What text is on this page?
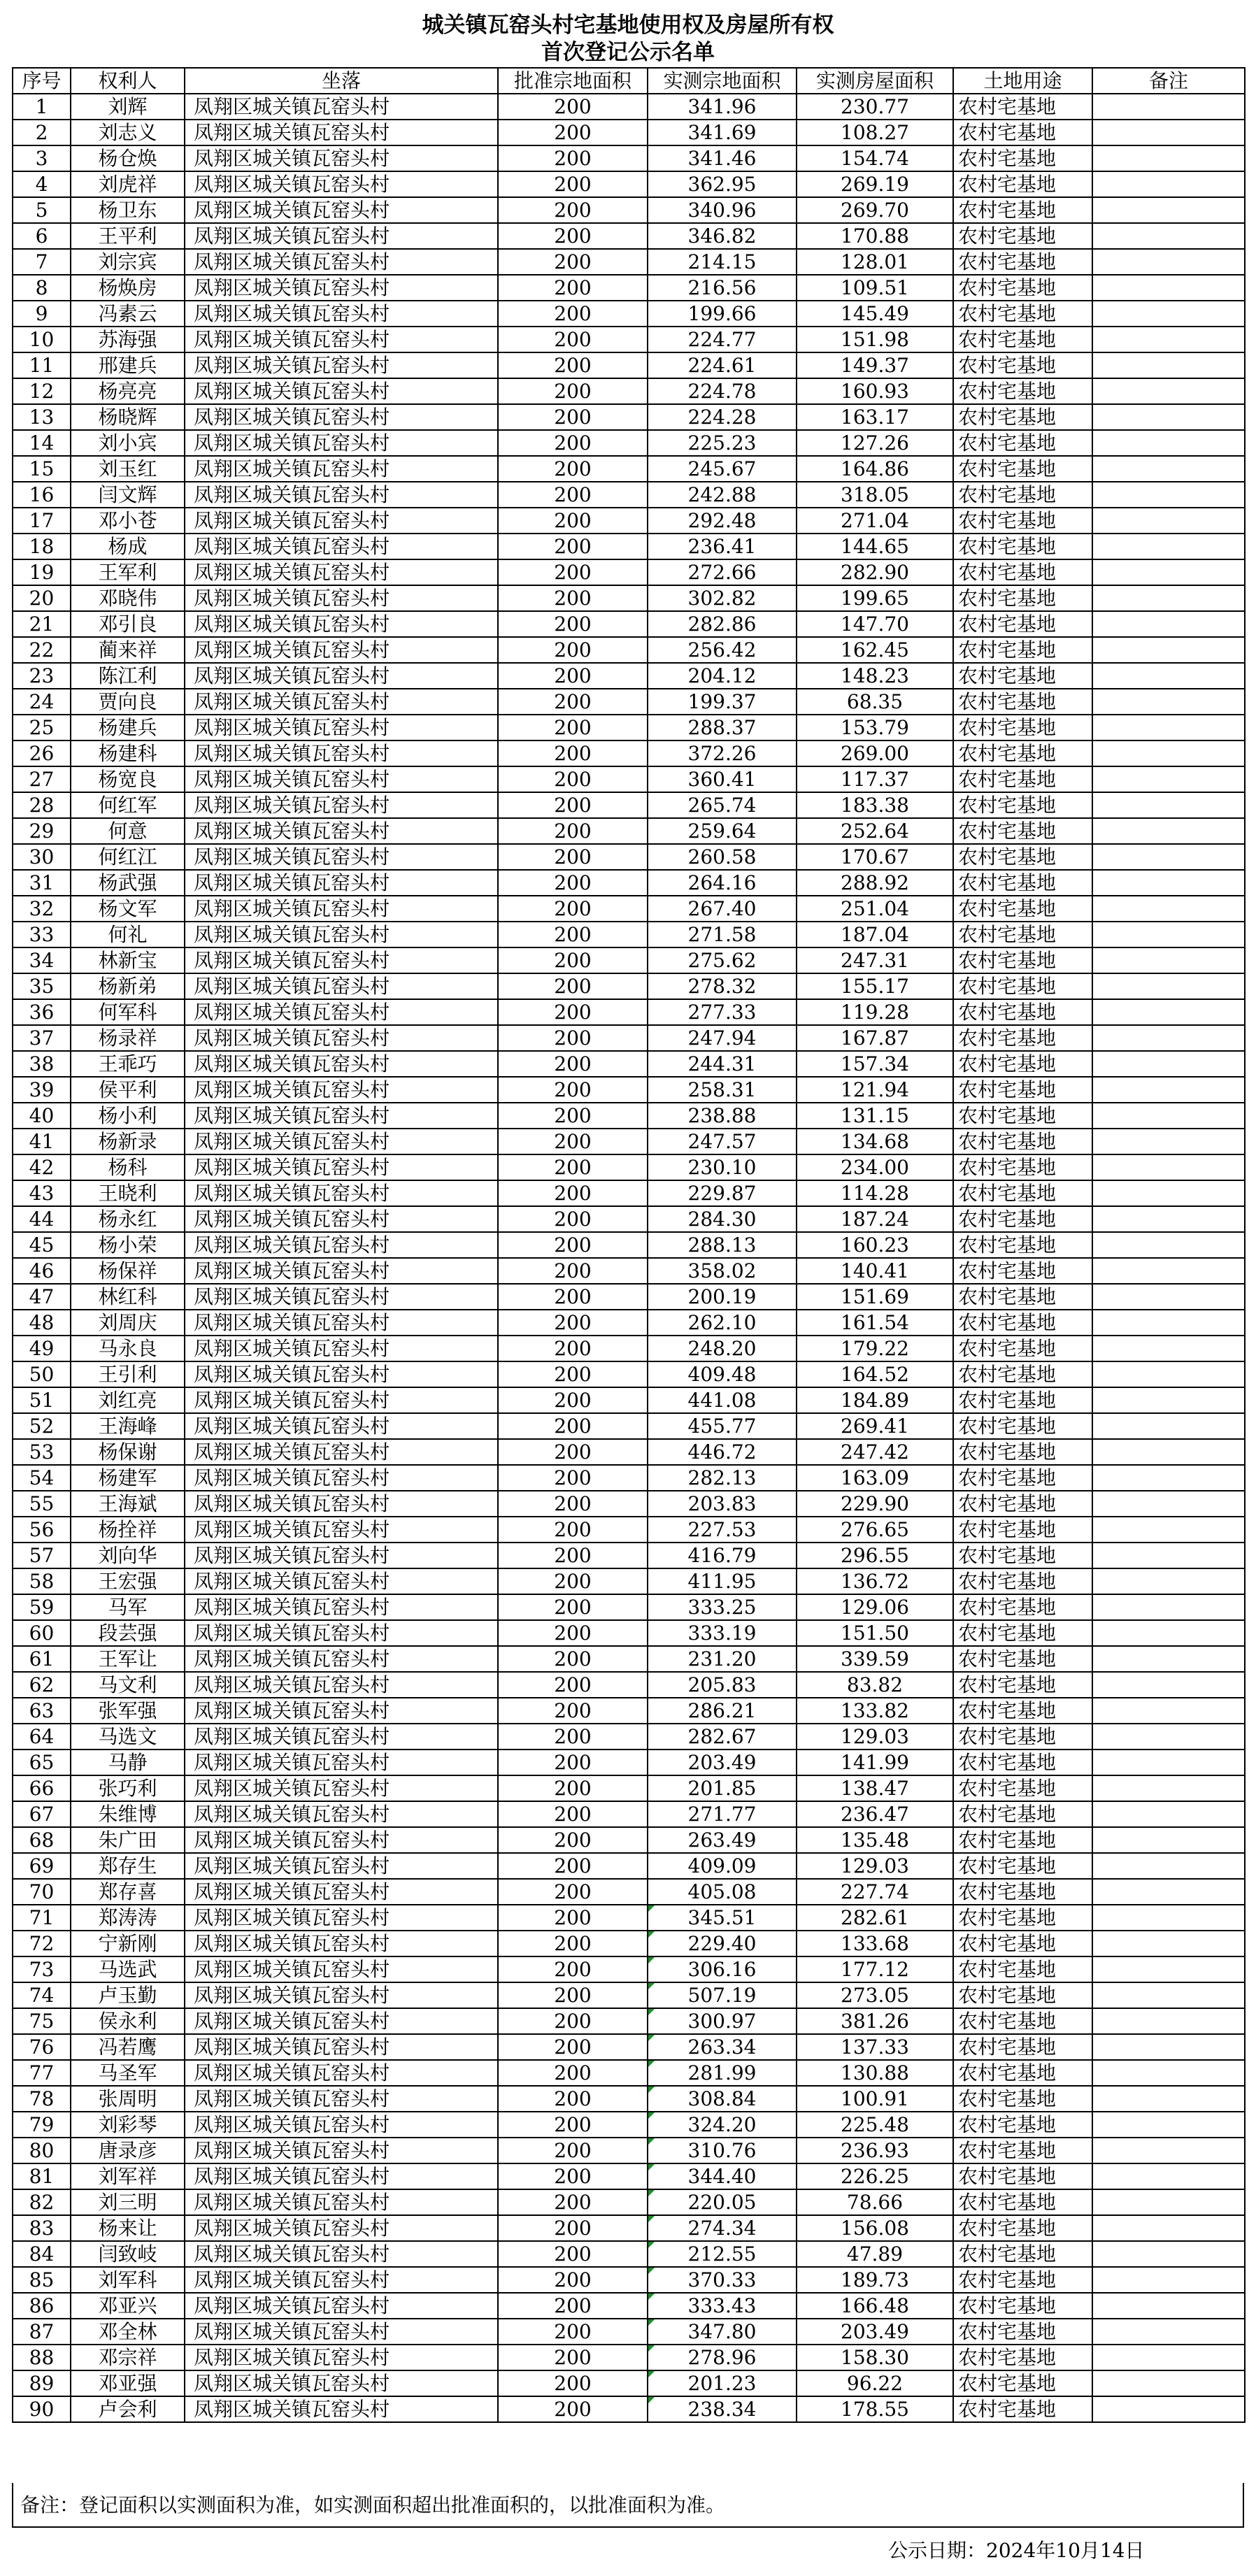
城关镇瓦窑头村宅基地使用权及房屋所有权
首次登记公示名单
序号	权利人	坐落	批准宗地面积	实测宗地面积	实测房屋面积	土地用途	备注
1	刘辉	凤翔区城关镇瓦窑头村	200	341.96	230.77	农村宅基地	
2	刘志义	凤翔区城关镇瓦窑头村	200	341.69	108.27	农村宅基地	
3	杨仓焕	凤翔区城关镇瓦窑头村	200	341.46	154.74	农村宅基地	
4	刘虎祥	凤翔区城关镇瓦窑头村	200	362.95	269.19	农村宅基地	
5	杨卫东	凤翔区城关镇瓦窑头村	200	340.96	269.70	农村宅基地	
6	王平利	凤翔区城关镇瓦窑头村	200	346.82	170.88	农村宅基地	
7	刘宗宾	凤翔区城关镇瓦窑头村	200	214.15	128.01	农村宅基地	
8	杨焕房	凤翔区城关镇瓦窑头村	200	216.56	109.51	农村宅基地	
9	冯素云	凤翔区城关镇瓦窑头村	200	199.66	145.49	农村宅基地	
10	苏海强	凤翔区城关镇瓦窑头村	200	224.77	151.98	农村宅基地	
11	邢建兵	凤翔区城关镇瓦窑头村	200	224.61	149.37	农村宅基地	
12	杨亮亮	凤翔区城关镇瓦窑头村	200	224.78	160.93	农村宅基地	
13	杨晓辉	凤翔区城关镇瓦窑头村	200	224.28	163.17	农村宅基地	
14	刘小宾	凤翔区城关镇瓦窑头村	200	225.23	127.26	农村宅基地	
15	刘玉红	凤翔区城关镇瓦窑头村	200	245.67	164.86	农村宅基地	
16	闫文辉	凤翔区城关镇瓦窑头村	200	242.88	318.05	农村宅基地	
17	邓小苍	凤翔区城关镇瓦窑头村	200	292.48	271.04	农村宅基地	
18	杨成	凤翔区城关镇瓦窑头村	200	236.41	144.65	农村宅基地	
19	王军利	凤翔区城关镇瓦窑头村	200	272.66	282.90	农村宅基地	
20	邓晓伟	凤翔区城关镇瓦窑头村	200	302.82	199.65	农村宅基地	
21	邓引良	凤翔区城关镇瓦窑头村	200	282.86	147.70	农村宅基地	
22	蔺来祥	凤翔区城关镇瓦窑头村	200	256.42	162.45	农村宅基地	
23	陈江利	凤翔区城关镇瓦窑头村	200	204.12	148.23	农村宅基地	
24	贾向良	凤翔区城关镇瓦窑头村	200	199.37	68.35	农村宅基地	
25	杨建兵	凤翔区城关镇瓦窑头村	200	288.37	153.79	农村宅基地	
26	杨建科	凤翔区城关镇瓦窑头村	200	372.26	269.00	农村宅基地	
27	杨宽良	凤翔区城关镇瓦窑头村	200	360.41	117.37	农村宅基地	
28	何红军	凤翔区城关镇瓦窑头村	200	265.74	183.38	农村宅基地	
29	何意	凤翔区城关镇瓦窑头村	200	259.64	252.64	农村宅基地	
30	何红江	凤翔区城关镇瓦窑头村	200	260.58	170.67	农村宅基地	
31	杨武强	凤翔区城关镇瓦窑头村	200	264.16	288.92	农村宅基地	
32	杨文军	凤翔区城关镇瓦窑头村	200	267.40	251.04	农村宅基地	
33	何礼	凤翔区城关镇瓦窑头村	200	271.58	187.04	农村宅基地	
34	林新宝	凤翔区城关镇瓦窑头村	200	275.62	247.31	农村宅基地	
35	杨新弟	凤翔区城关镇瓦窑头村	200	278.32	155.17	农村宅基地	
36	何军科	凤翔区城关镇瓦窑头村	200	277.33	119.28	农村宅基地	
37	杨录祥	凤翔区城关镇瓦窑头村	200	247.94	167.87	农村宅基地	
38	王乖巧	凤翔区城关镇瓦窑头村	200	244.31	157.34	农村宅基地	
39	侯平利	凤翔区城关镇瓦窑头村	200	258.31	121.94	农村宅基地	
40	杨小利	凤翔区城关镇瓦窑头村	200	238.88	131.15	农村宅基地	
41	杨新录	凤翔区城关镇瓦窑头村	200	247.57	134.68	农村宅基地	
42	杨科	凤翔区城关镇瓦窑头村	200	230.10	234.00	农村宅基地	
43	王晓利	凤翔区城关镇瓦窑头村	200	229.87	114.28	农村宅基地	
44	杨永红	凤翔区城关镇瓦窑头村	200	284.30	187.24	农村宅基地	
45	杨小荣	凤翔区城关镇瓦窑头村	200	288.13	160.23	农村宅基地	
46	杨保祥	凤翔区城关镇瓦窑头村	200	358.02	140.41	农村宅基地	
47	林红科	凤翔区城关镇瓦窑头村	200	200.19	151.69	农村宅基地	
48	刘周庆	凤翔区城关镇瓦窑头村	200	262.10	161.54	农村宅基地	
49	马永良	凤翔区城关镇瓦窑头村	200	248.20	179.22	农村宅基地	
50	王引利	凤翔区城关镇瓦窑头村	200	409.48	164.52	农村宅基地	
51	刘红亮	凤翔区城关镇瓦窑头村	200	441.08	184.89	农村宅基地	
52	王海峰	凤翔区城关镇瓦窑头村	200	455.77	269.41	农村宅基地	
53	杨保谢	凤翔区城关镇瓦窑头村	200	446.72	247.42	农村宅基地	
54	杨建军	凤翔区城关镇瓦窑头村	200	282.13	163.09	农村宅基地	
55	王海斌	凤翔区城关镇瓦窑头村	200	203.83	229.90	农村宅基地	
56	杨拴祥	凤翔区城关镇瓦窑头村	200	227.53	276.65	农村宅基地	
57	刘向华	凤翔区城关镇瓦窑头村	200	416.79	296.55	农村宅基地	
58	王宏强	凤翔区城关镇瓦窑头村	200	411.95	136.72	农村宅基地	
59	马军	凤翔区城关镇瓦窑头村	200	333.25	129.06	农村宅基地	
60	段芸强	凤翔区城关镇瓦窑头村	200	333.19	151.50	农村宅基地	
61	王军让	凤翔区城关镇瓦窑头村	200	231.20	339.59	农村宅基地	
62	马文利	凤翔区城关镇瓦窑头村	200	205.83	83.82	农村宅基地	
63	张军强	凤翔区城关镇瓦窑头村	200	286.21	133.82	农村宅基地	
64	马选文	凤翔区城关镇瓦窑头村	200	282.67	129.03	农村宅基地	
65	马静	凤翔区城关镇瓦窑头村	200	203.49	141.99	农村宅基地	
66	张巧利	凤翔区城关镇瓦窑头村	200	201.85	138.47	农村宅基地	
67	朱维博	凤翔区城关镇瓦窑头村	200	271.77	236.47	农村宅基地	
68	朱广田	凤翔区城关镇瓦窑头村	200	263.49	135.48	农村宅基地	
69	郑存生	凤翔区城关镇瓦窑头村	200	409.09	129.03	农村宅基地	
70	郑存喜	凤翔区城关镇瓦窑头村	200	405.08	227.74	农村宅基地	
71	郑涛涛	凤翔区城关镇瓦窑头村	200	345.51	282.61	农村宅基地	
72	宁新刚	凤翔区城关镇瓦窑头村	200	229.40	133.68	农村宅基地	
73	马选武	凤翔区城关镇瓦窑头村	200	306.16	177.12	农村宅基地	
74	卢玉勤	凤翔区城关镇瓦窑头村	200	507.19	273.05	农村宅基地	
75	侯永利	凤翔区城关镇瓦窑头村	200	300.97	381.26	农村宅基地	
76	冯若鹰	凤翔区城关镇瓦窑头村	200	263.34	137.33	农村宅基地	
77	马圣军	凤翔区城关镇瓦窑头村	200	281.99	130.88	农村宅基地	
78	张周明	凤翔区城关镇瓦窑头村	200	308.84	100.91	农村宅基地	
79	刘彩琴	凤翔区城关镇瓦窑头村	200	324.20	225.48	农村宅基地	
80	唐录彦	凤翔区城关镇瓦窑头村	200	310.76	236.93	农村宅基地	
81	刘军祥	凤翔区城关镇瓦窑头村	200	344.40	226.25	农村宅基地	
82	刘三明	凤翔区城关镇瓦窑头村	200	220.05	78.66	农村宅基地	
83	杨来让	凤翔区城关镇瓦窑头村	200	274.34	156.08	农村宅基地	
84	闫致岐	凤翔区城关镇瓦窑头村	200	212.55	47.89	农村宅基地	
85	刘军科	凤翔区城关镇瓦窑头村	200	370.33	189.73	农村宅基地	
86	邓亚兴	凤翔区城关镇瓦窑头村	200	333.43	166.48	农村宅基地	
87	邓全林	凤翔区城关镇瓦窑头村	200	347.80	203.49	农村宅基地	
88	邓宗祥	凤翔区城关镇瓦窑头村	200	278.96	158.30	农村宅基地	
89	邓亚强	凤翔区城关镇瓦窑头村	200	201.23	96.22	农村宅基地	
90	卢会利	凤翔区城关镇瓦窑头村	200	238.34	178.55	农村宅基地	
备注：登记面积以实测面积为准，如实测面积超出批准面积的，以批准面积为准。
公示日期：2024年10月14日
